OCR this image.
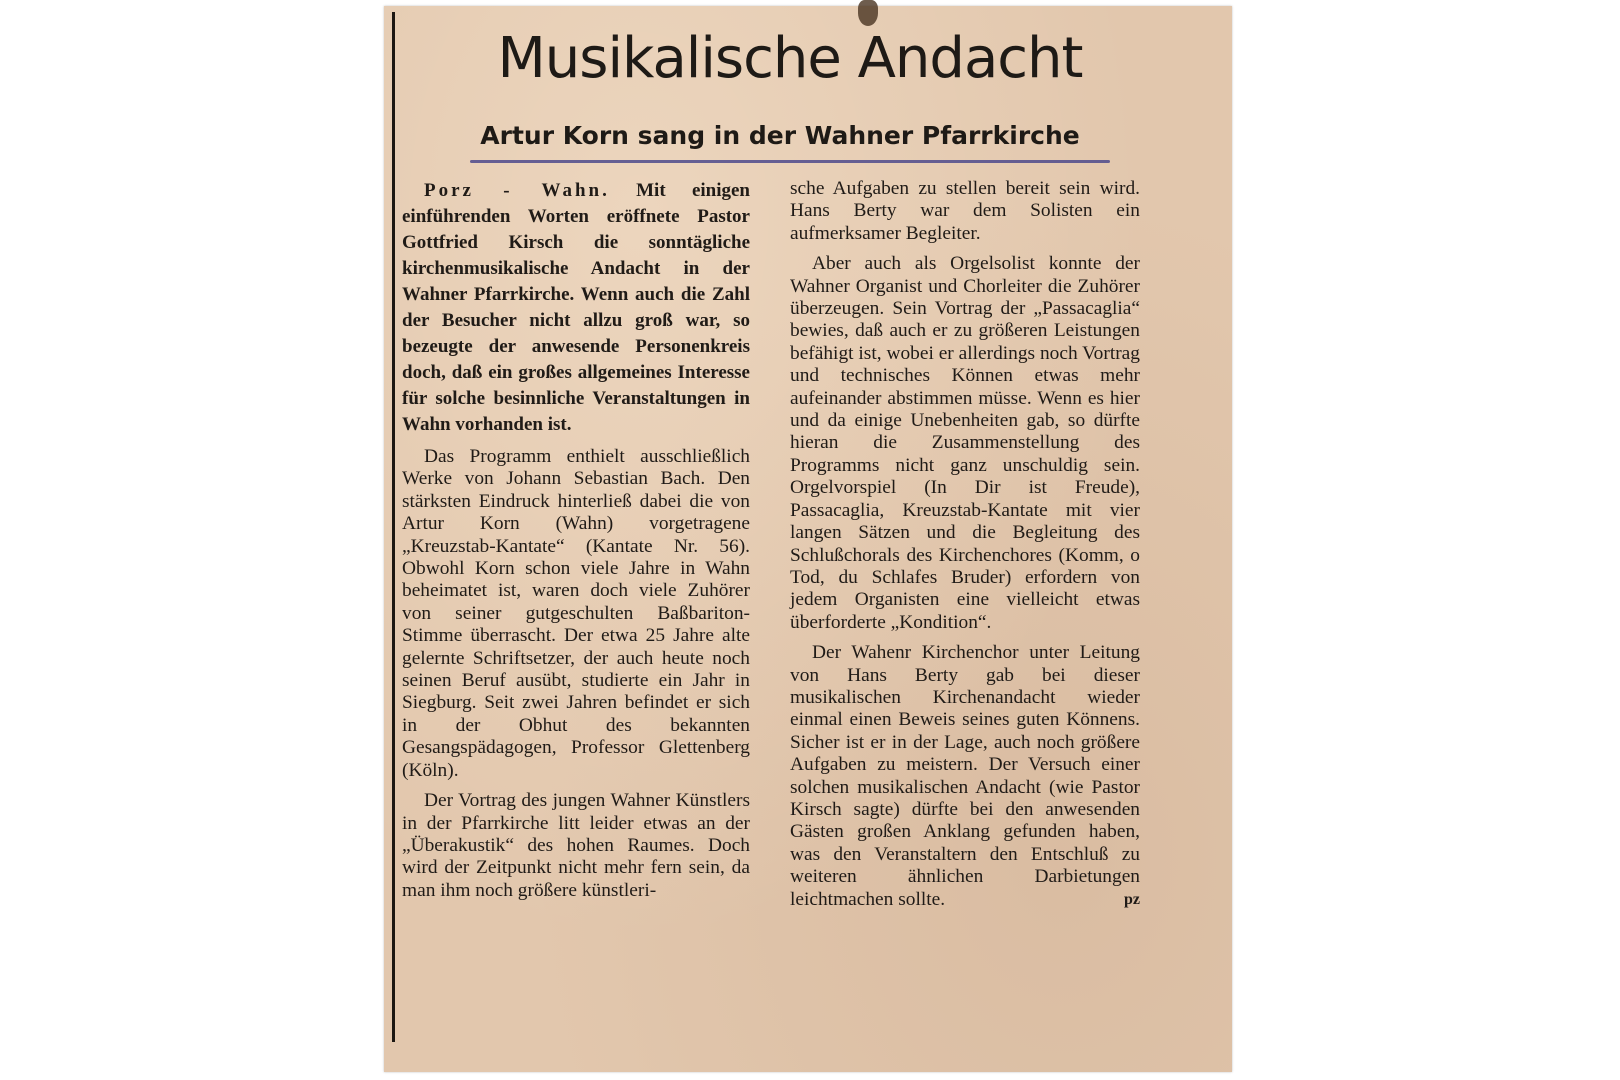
Musikalische Andacht
Artur Korn sang in der Wahner Pfarrkirche

Porz - Wahn. Mit einigen einführenden Worten eröffnete Pastor Gottfried Kirsch die sonntägliche kirchenmusikalische Andacht in der Wahner Pfarrkirche. Wenn auch die Zahl der Besucher nicht allzu groß war, so bezeugte der anwesende Personenkreis doch, daß ein großes allgemeines Interesse für solche besinnliche Veranstaltungen in Wahn vorhanden ist.

Das Programm enthielt ausschließlich Werke von Johann Sebastian Bach. Den stärksten Eindruck hinterließ dabei die von Artur Korn (Wahn) vorgetragene „Kreuzstab-Kantate“ (Kantate Nr. 56). Obwohl Korn schon viele Jahre in Wahn beheimatet ist, waren doch viele Zuhörer von seiner gutgeschulten Baßbariton-Stimme überrascht. Der etwa 25 Jahre alte gelernte Schriftsetzer, der auch heute noch seinen Beruf ausübt, studierte ein Jahr in Siegburg. Seit zwei Jahren befindet er sich in der Obhut des bekannten Gesangspädagogen, Professor Glettenberg (Köln).

Der Vortrag des jungen Wahner Künstlers in der Pfarrkirche litt leider etwas an der „Überakustik“ des hohen Raumes. Doch wird der Zeitpunkt nicht mehr fern sein, da man ihm noch größere künstleri-

sche Aufgaben zu stellen bereit sein wird. Hans Berty war dem Solisten ein aufmerksamer Begleiter.

Aber auch als Orgelsolist konnte der Wahner Organist und Chorleiter die Zuhörer überzeugen. Sein Vortrag der „Passacaglia“ bewies, daß auch er zu größeren Leistungen befähigt ist, wobei er allerdings noch Vortrag und technisches Können etwas mehr aufeinander abstimmen müsse. Wenn es hier und da einige Unebenheiten gab, so dürfte hieran die Zusammenstellung des Programms nicht ganz unschuldig sein. Orgelvorspiel (In Dir ist Freude), Passacaglia, Kreuzstab-Kantate mit vier langen Sätzen und die Begleitung des Schlußchorals des Kirchenchores (Komm, o Tod, du Schlafes Bruder) erfordern von jedem Organisten eine vielleicht etwas überforderte „Kondition“.

Der Wahenr Kirchenchor unter Leitung von Hans Berty gab bei dieser musikalischen Kirchenandacht wieder einmal einen Beweis seines guten Könnens. Sicher ist er in der Lage, auch noch größere Aufgaben zu meistern. Der Versuch einer solchen musikalischen Andacht (wie Pastor Kirsch sagte) dürfte bei den anwesenden Gästen großen Anklang gefunden haben, was den Veranstaltern den Entschluß zu weiteren ähnlichen Darbietungen leichtmachen sollte.	pz
